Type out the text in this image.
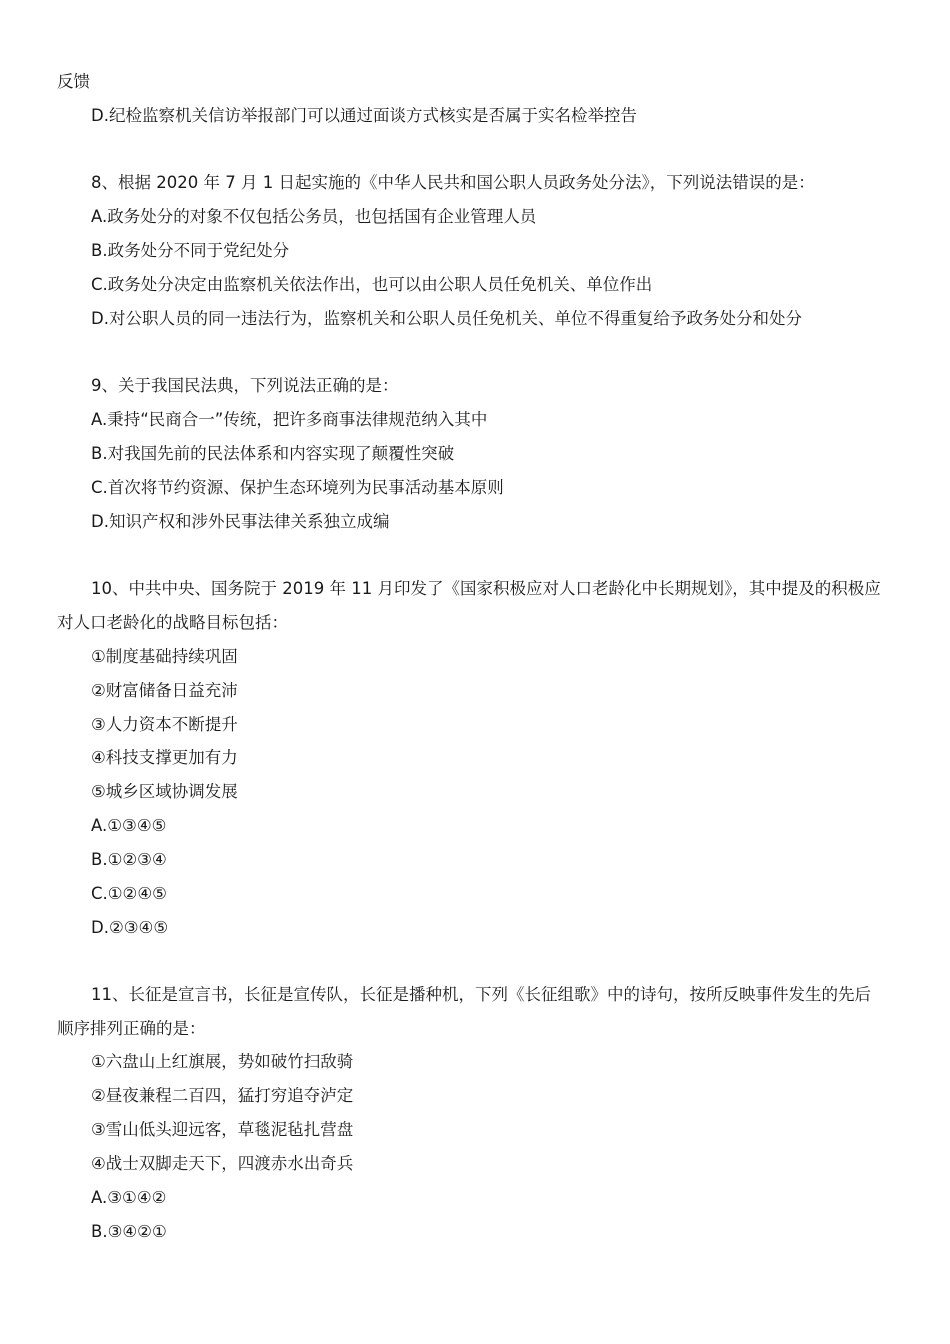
反馈
D.纪检监察机关信访举报部门可以通过面谈方式核实是否属于实名检举控告
8、根据 2020 年 7 月 1 日起实施的《中华人民共和国公职人员政务处分法》，下列说法错误的是：
A.政务处分的对象不仅包括公务员，也包括国有企业管理人员
B.政务处分不同于党纪处分
C.政务处分决定由监察机关依法作出，也可以由公职人员任免机关、单位作出
D.对公职人员的同一违法行为，监察机关和公职人员任免机关、单位不得重复给予政务处分和处分
9、关于我国民法典，下列说法正确的是：
A.秉持“民商合一”传统，把许多商事法律规范纳入其中
B.对我国先前的民法体系和内容实现了颠覆性突破
C.首次将节约资源、保护生态环境列为民事活动基本原则
D.知识产权和涉外民事法律关系独立成编
10、中共中央、国务院于 2019 年 11 月印发了《国家积极应对人口老龄化中长期规划》，其中提及的积极应
对人口老龄化的战略目标包括：
①制度基础持续巩固
②财富储备日益充沛
③人力资本不断提升
④科技支撑更加有力
⑤城乡区域协调发展
A.①③④⑤
B.①②③④
C.①②④⑤
D.②③④⑤
11、长征是宣言书，长征是宣传队，长征是播种机，下列《长征组歌》中的诗句，按所反映事件发生的先后
顺序排列正确的是：
①六盘山上红旗展，势如破竹扫敌骑
②昼夜兼程二百四，猛打穷追夺泸定
③雪山低头迎远客，草毯泥毡扎营盘
④战士双脚走天下，四渡赤水出奇兵
A.③①④②
B.③④②①
